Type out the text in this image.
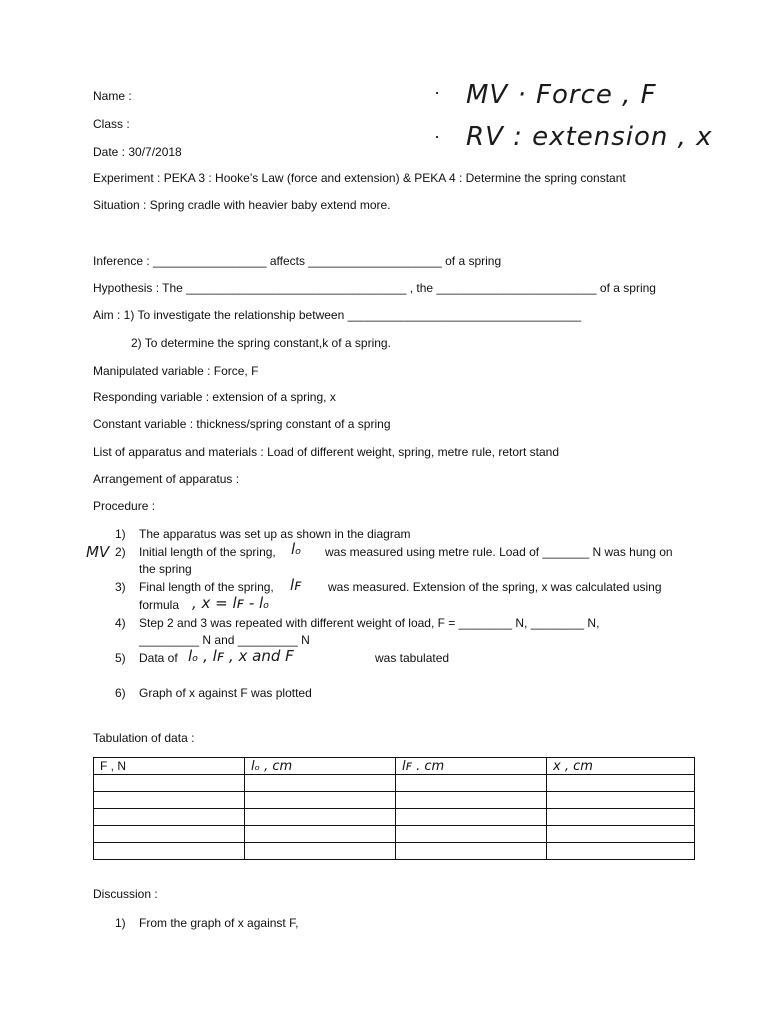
· MV · Force , F
· RV : extension , x
Name :
Class :
Date : 30/7/2018
Experiment : PEKA 3 : Hooke’s Law (force and extension) & PEKA 4 : Determine the spring constant
Situation : Spring cradle with heavier baby extend more.
Inference : _________________ affects ____________________ of a spring
Hypothesis : The _________________________________ , the ________________________ of a spring
Aim : 1) To investigate the relationship between ___________________________________
2) To determine the spring constant,k of a spring.
Manipulated variable : Force, F
Responding variable : extension of a spring, x
Constant variable : thickness/spring constant of a spring
List of apparatus and materials : Load of different weight, spring, metre rule, retort stand
Arrangement of apparatus :
Procedure :
MV
1) The apparatus was set up as shown in the diagram
2) Initial length of the spring, lₒ was measured using metre rule. Load of _______ N was hung on
the spring
3) Final length of the spring, lꜰ was measured. Extension of the spring, x was calculated using
formula , x = lꜰ - lₒ
4) Step 2 and 3 was repeated with different weight of load, F = ________ N, ________ N,
_________ N and _________ N
5) Data of lₒ , lꜰ , x and F	was tabulated
6) Graph of x against F was plotted
Tabulation of data :
F , N	lₒ , cm	lꜰ . cm	x , cm

Discussion :
1) From the graph of x against F,
